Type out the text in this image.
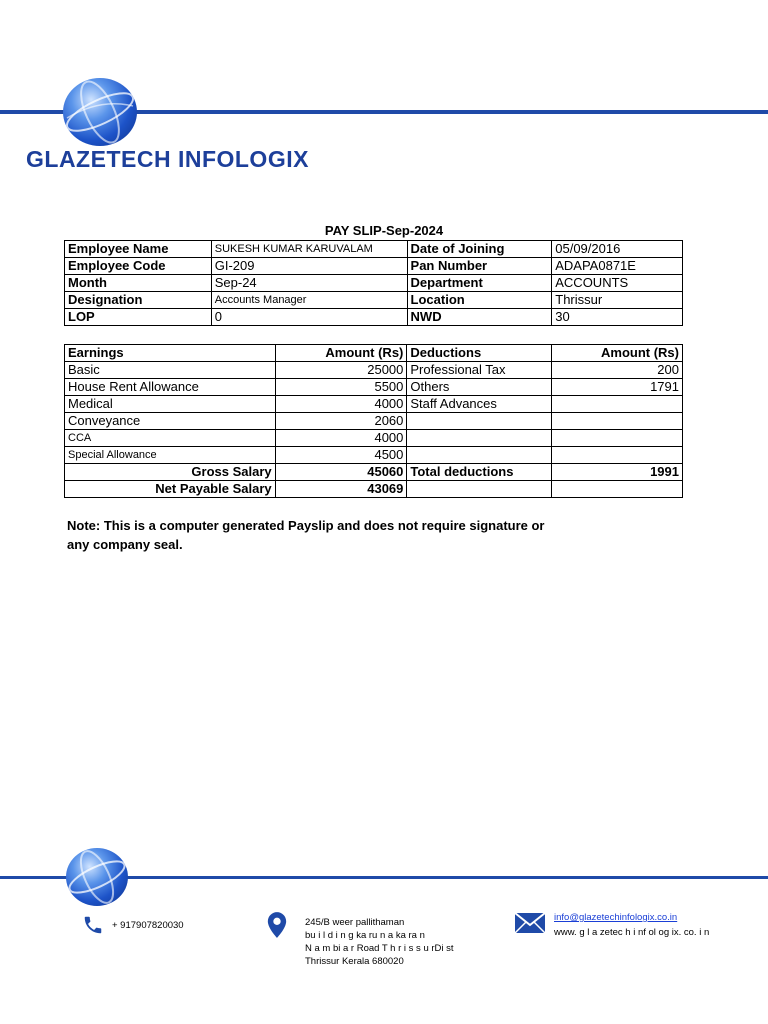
GLAZETECH INFOLOGIX
PAY SLIP-Sep-2024
Employee Name	SUKESH KUMAR KARUVALAM	Date of Joining	05/09/2016
Employee Code	GI-209	Pan Number	ADAPA0871E
Month	Sep-24	Department	ACCOUNTS
Designation	Accounts Manager	Location	Thrissur
LOP	0	NWD	30
Earnings	Amount (Rs)	Deductions	Amount (Rs)
Basic	25000	Professional Tax	200
House Rent Allowance	5500	Others	1791
Medical	4000	Staff Advances	
Conveyance	2060		
CCA	4000		
Special Allowance	4500		
Gross Salary	45060	Total deductions	1991
Net Payable Salary	43069		
Note: This is a computer generated Payslip and does not require signature or
any company seal.
+ 917907820030	245/B weer pallithaman
bu i l d i n g ka ru n a ka ra n
N a m bi a r Road T h r i s s u rDi st
Thrissur Kerala 680020
info@glazetechinfologix.co.in
www. g l a zetec h i nf ol og ix. co. i n
